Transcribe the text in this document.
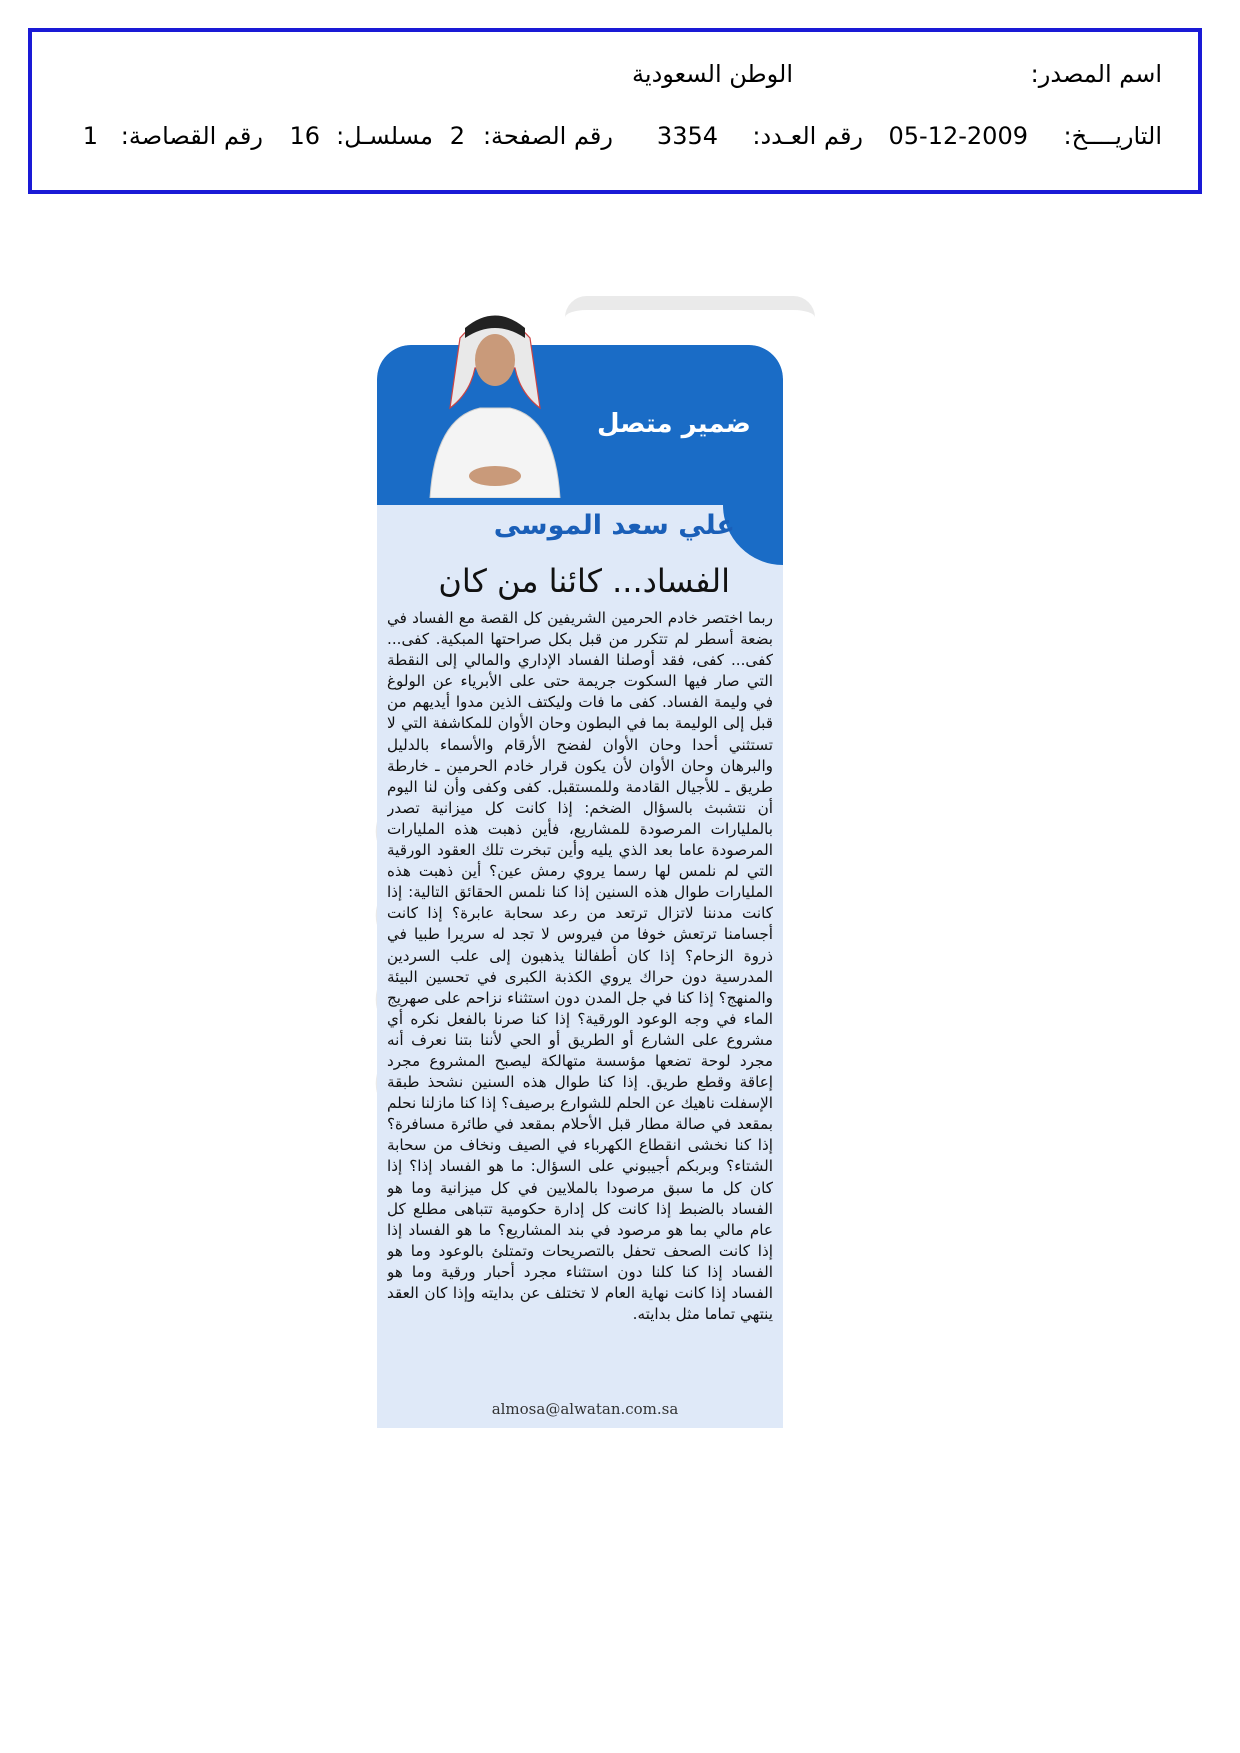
اسم المصدر:
الوطن السعودية
التاريــــخ:
05-12-2009
رقم العـدد:
3354
رقم الصفحة:
2
مسلسـل:
16
رقم القصاصة:
1
ضمير متصل
علي سعد الموسى
الفساد... كائنا من كان
ربما اختصر خادم الحرمين الشريفين كل القصة مع الفساد في بضعة أسطر لم تتكرر من قبل بكل صراحتها المبكية. كفى... كفى... كفى، فقد أوصلنا الفساد الإداري والمالي إلى النقطة التي صار فيها السكوت جريمة حتى على الأبرياء عن الولوغ في وليمة الفساد. كفى ما فات وليكتف الذين مدوا أيديهم من قبل إلى الوليمة بما في البطون وحان الأوان للمكاشفة التي لا تستثني أحدا وحان الأوان لفضح الأرقام والأسماء بالدليل والبرهان وحان الأوان لأن يكون قرار خادم الحرمين ـ خارطة طريق ـ للأجيال القادمة وللمستقبل. كفى وكفى وأن لنا اليوم أن نتشبث بالسؤال الضخم: إذا كانت كل ميزانية تصدر بالمليارات المرصودة للمشاريع، فأين ذهبت هذه المليارات المرصودة عاما بعد الذي يليه وأين تبخرت تلك العقود الورقية التي لم نلمس لها رسما يروي رمش عين؟ أين ذهبت هذه المليارات طوال هذه السنين إذا كنا نلمس الحقائق التالية: إذا كانت مدننا لاتزال ترتعد من رعد سحابة عابرة؟ إذا كانت أجسامنا ترتعش خوفا من فيروس لا تجد له سريرا طبيا في ذروة الزحام؟ إذا كان أطفالنا يذهبون إلى علب السردين المدرسية دون حراك يروي الكذبة الكبرى في تحسين البيئة والمنهج؟ إذا كنا في جل المدن دون استثناء نزاحم على صهريج الماء في وجه الوعود الورقية؟ إذا كنا صرنا بالفعل نكره أي مشروع على الشارع أو الطريق أو الحي لأننا بتنا نعرف أنه مجرد لوحة تضعها مؤسسة متهالكة ليصبح المشروع مجرد إعاقة وقطع طريق. إذا كنا طوال هذه السنين نشحذ طبقة الإسفلت ناهيك عن الحلم للشوارع برصيف؟ إذا كنا مازلنا نحلم بمقعد في صالة مطار قبل الأحلام بمقعد في طائرة مسافرة؟ إذا كنا نخشى انقطاع الكهرباء في الصيف ونخاف من سحابة الشتاء؟ وبربكم أجيبوني على السؤال: ما هو الفساد إذا؟ إذا كان كل ما سبق مرصودا بالملايين في كل ميزانية وما هو الفساد بالضبط إذا كانت كل إدارة حكومية تتباهى مطلع كل عام مالي بما هو مرصود في بند المشاريع؟ ما هو الفساد إذا إذا كانت الصحف تحفل بالتصريحات وتمتلئ بالوعود وما هو الفساد إذا كنا كلنا دون استثناء مجرد أحبار ورقية وما هو الفساد إذا كانت نهاية العام لا تختلف عن بدايته وإذا كان العقد ينتهي تماما مثل بدايته.
almosa@alwatan.com.sa
